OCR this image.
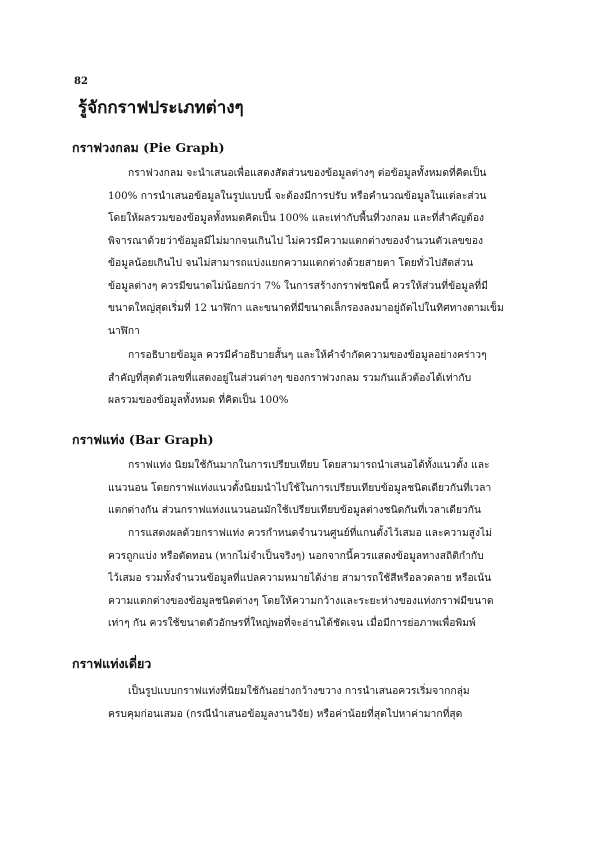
82
รู้จักกราฟประเภทต่างๆ
กราฟวงกลม (Pie Graph)

กราฟวงกลม จะนำเสนอเพื่อแสดงสัดส่วนของข้อมูลต่างๆ ต่อข้อมูลทั้งหมดที่คิดเป็น
100% การนำเสนอข้อมูลในรูปแบบนี้ จะต้องมีการปรับ หรือคำนวณข้อมูลในแต่ละส่วน
โดยให้ผลรวมของข้อมูลทั้งหมดคิดเป็น 100% และเท่ากับพื้นที่วงกลม และที่สำคัญต้อง
พิจารณาด้วยว่าข้อมูลมีไม่มากจนเกินไป ไม่ควรมีความแตกต่างของจำนวนตัวเลขของ
ข้อมูลน้อยเกินไป จนไม่สามารถแบ่งแยกความแตกต่างด้วยสายตา โดยทั่วไปสัดส่วน
ข้อมูลต่างๆ ควรมีขนาดไม่น้อยกว่า 7% ในการสร้างกราฟชนิดนี้ ควรให้ส่วนที่ข้อมูลที่มี
ขนาดใหญ่สุดเริ่มที่ 12 นาฬิกา และขนาดที่มีขนาดเล็กรองลงมาอยู่ถัดไปในทิศทางตามเข็ม
นาฬิกา

การอธิบายข้อมูล ควรมีคำอธิบายสั้นๆ และให้คำจำกัดความของข้อมูลอย่างคร่าวๆ
สำคัญที่สุดตัวเลขที่แสดงอยู่ในส่วนต่างๆ ของกราฟวงกลม รวมกันแล้วต้องได้เท่ากับ
ผลรวมของข้อมูลทั้งหมด ที่คิดเป็น 100%

กราฟแท่ง (Bar Graph)

กราฟแท่ง นิยมใช้กันมากในการเปรียบเทียบ โดยสามารถนำเสนอได้ทั้งแนวตั้ง และ
แนวนอน โดยกราฟแท่งแนวตั้งนิยมนำไปใช้ในการเปรียบเทียบข้อมูลชนิดเดียวกันที่เวลา
แตกต่างกัน ส่วนกราฟแท่งแนวนอนมักใช้เปรียบเทียบข้อมูลต่างชนิดกันที่เวลาเดียวกัน

การแสดงผลด้วยกราฟแท่ง ควรกำหนดจำนวนศูนย์ที่แกนตั้งไว้เสมอ และความสูงไม่
ควรถูกแบ่ง หรือตัดทอน (หากไม่จำเป็นจริงๆ) นอกจากนี้ควรแสดงข้อมูลทางสถิติกำกับ
ไว้เสมอ รวมทั้งจำนวนข้อมูลที่แปลความหมายได้ง่าย สามารถใช้สีหรือลวดลาย หรือเน้น
ความแตกต่างของข้อมูลชนิดต่างๆ โดยให้ความกว้างและระยะห่างของแท่งกราฟมีขนาด
เท่าๆ กัน ควรใช้ขนาดตัวอักษรที่ใหญ่พอที่จะอ่านได้ชัดเจน เมื่อมีการย่อภาพเพื่อพิมพ์

กราฟแท่งเดี่ยว

เป็นรูปแบบกราฟแท่งที่นิยมใช้กันอย่างกว้างขวาง การนำเสนอควรเริ่มจากกลุ่ม
ครบคุมก่อนเสมอ (กรณีนำเสนอข้อมูลงานวิจัย) หรือค่าน้อยที่สุดไปหาค่ามากที่สุด
